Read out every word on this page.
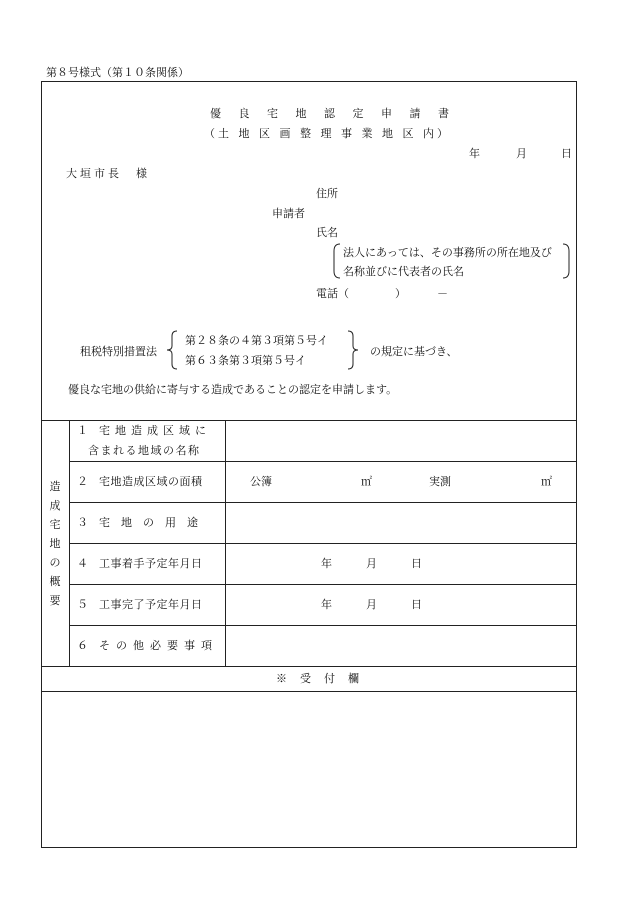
第８号様式（第１０条関係）
優 良 宅 地 認 定 申 請 書
（土 地 区 画 整 理 事 業 地 区 内）
年	月	日
大垣市長　様
住所
申請者
氏名
法人にあっては、その事務所の所在地及び
名称並びに代表者の氏名
電話（	）	－
租税特別措置法
第２８条の４第３項第５号イ
第６３条第３項第５号イ
の規定に基づき、
優良な宅地の供給に寄与する造成であることの認定を申請します。
造
成
宅
地
の
概
要
１ 宅地造成区域に
含まれる地域の名称
２ 宅地造成区域の面積	公簿	㎡	実測	㎡
３ 宅　地　の　用　途
４ 工事着手予定年月日	年	月	日
５ 工事完了予定年月日	年	月	日
６ その他必要事項
※　受　付　欄
